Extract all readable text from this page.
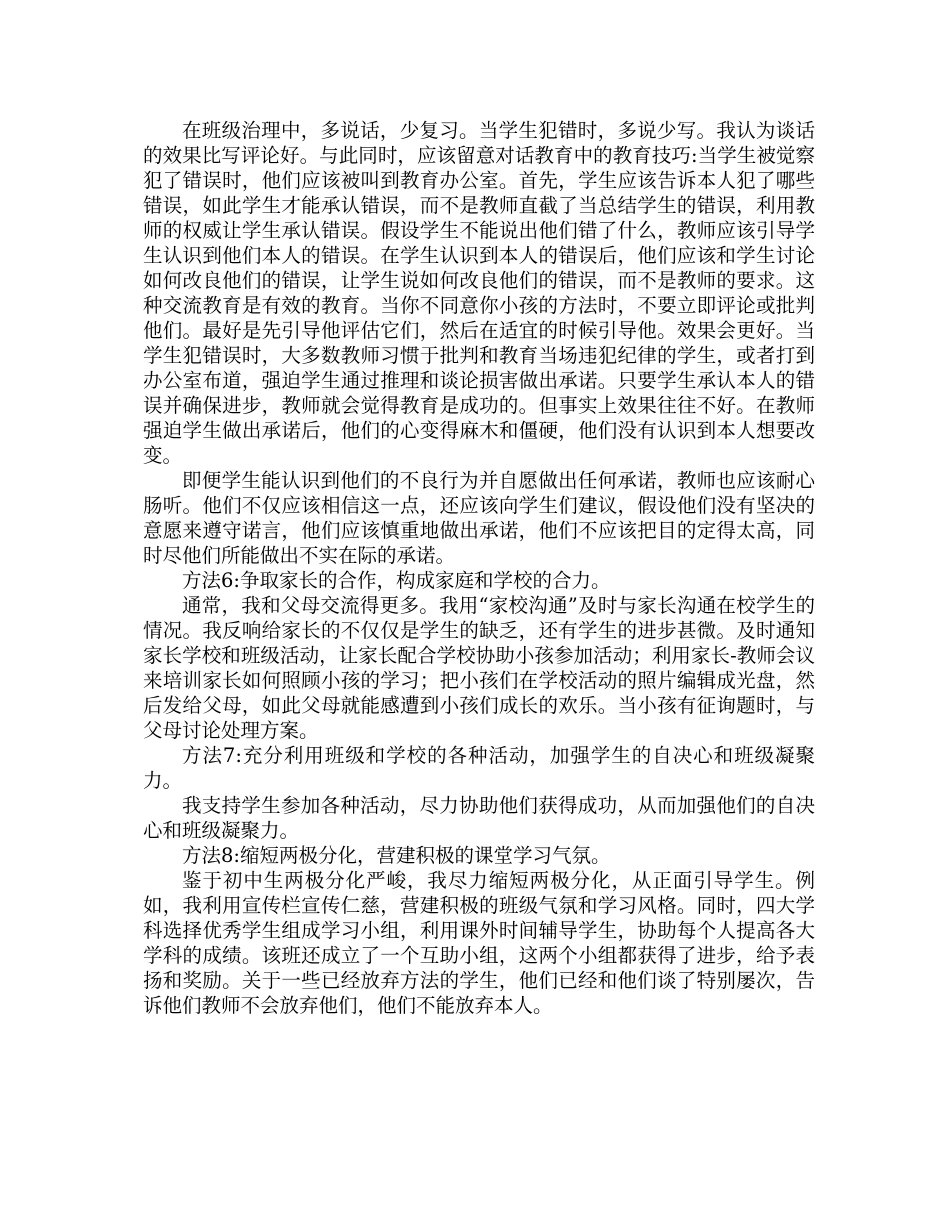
在班级治理中，多说话，少复习。当学生犯错时，多说少写。我认为谈话的效果比写评论好。与此同时，应该留意对话教育中的教育技巧:当学生被觉察犯了错误时，他们应该被叫到教育办公室。首先，学生应该告诉本人犯了哪些错误，如此学生才能承认错误，而不是教师直截了当总结学生的错误，利用教师的权威让学生承认错误。假设学生不能说出他们错了什么，教师应该引导学生认识到他们本人的错误。在学生认识到本人的错误后，他们应该和学生讨论如何改良他们的错误，让学生说如何改良他们的错误，而不是教师的要求。这种交流教育是有效的教育。当你不同意你小孩的方法时，不要立即评论或批判他们。最好是先引导他评估它们，然后在适宜的时候引导他。效果会更好。当学生犯错误时，大多数教师习惯于批判和教育当场违犯纪律的学生，或者打到办公室布道，强迫学生通过推理和谈论损害做出承诺。只要学生承认本人的错误并确保进步，教师就会觉得教育是成功的。但事实上效果往往不好。在教师强迫学生做出承诺后，他们的心变得麻木和僵硬，他们没有认识到本人想要改变。

即便学生能认识到他们的不良行为并自愿做出任何承诺，教师也应该耐心肠听。他们不仅应该相信这一点，还应该向学生们建议，假设他们没有坚决的意愿来遵守诺言，他们应该慎重地做出承诺，他们不应该把目的定得太高，同时尽他们所能做出不实在际的承诺。

方法6:争取家长的合作，构成家庭和学校的合力。

通常，我和父母交流得更多。我用“家校沟通”及时与家长沟通在校学生的情况。我反响给家长的不仅仅是学生的缺乏，还有学生的进步甚微。及时通知家长学校和班级活动，让家长配合学校协助小孩参加活动；利用家长-教师会议来培训家长如何照顾小孩的学习；把小孩们在学校活动的照片编辑成光盘，然后发给父母，如此父母就能感遭到小孩们成长的欢乐。当小孩有征询题时，与父母讨论处理方案。

方法7:充分利用班级和学校的各种活动，加强学生的自决心和班级凝聚力。

我支持学生参加各种活动，尽力协助他们获得成功，从而加强他们的自决心和班级凝聚力。

方法8:缩短两极分化，营建积极的课堂学习气氛。

鉴于初中生两极分化严峻，我尽力缩短两极分化，从正面引导学生。例如，我利用宣传栏宣传仁慈，营建积极的班级气氛和学习风格。同时，四大学科选择优秀学生组成学习小组，利用课外时间辅导学生，协助每个人提高各大学科的成绩。该班还成立了一个互助小组，这两个小组都获得了进步，给予表扬和奖励。关于一些已经放弃方法的学生，他们已经和他们谈了特别屡次，告诉他们教师不会放弃他们，他们不能放弃本人。
